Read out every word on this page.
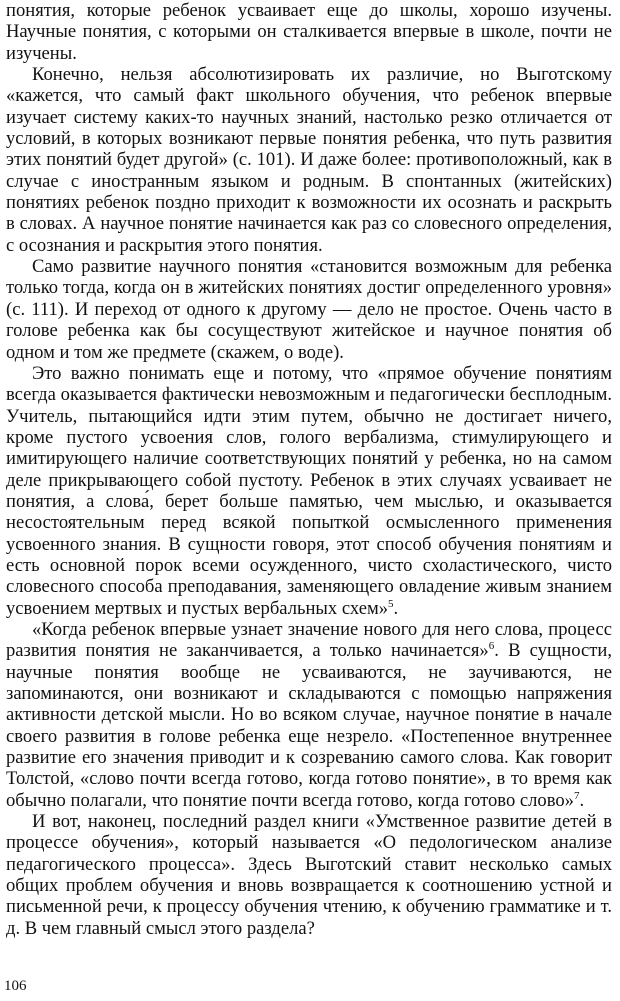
понятия, которые ребенок усваивает еще до школы, хорошо изучены. Научные понятия, с которыми он сталкивается впервые в школе, почти не изучены.

Конечно, нельзя абсолютизировать их различие, но Выготскому «кажется, что самый факт школьного обучения, что ребенок впервые изучает систему каких-то научных знаний, настолько резко отличается от условий, в которых возникают первые понятия ребенка, что путь развития этих понятий будет другой» (с. 101). И даже более: противоположный, как в случае с иностранным языком и родным. В спонтанных (житейских) понятиях ребенок поздно приходит к возможности их осознать и раскрыть в словах. А научное понятие начинается как раз со словесного определения, с осознания и раскрытия этого понятия.

Само развитие научного понятия «становится возможным для ребенка только тогда, когда он в житейских понятиях достиг определенного уровня» (с. 111). И переход от одного к другому — дело не простое. Очень часто в голове ребенка как бы сосуществуют житейское и научное понятия об одном и том же предмете (скажем, о воде).

Это важно понимать еще и потому, что «прямое обучение понятиям всегда оказывается фактически невозможным и педагогически бесплодным. Учитель, пытающийся идти этим путем, обычно не достигает ничего, кроме пустого усвоения слов, голого вербализма, стимулирующего и имитирующего наличие соответствующих понятий у ребенка, но на самом деле прикрывающего собой пустоту. Ребенок в этих случаях усваивает не понятия, а слова́, берет больше памятью, чем мыслью, и оказывается несостоятельным перед всякой попыткой осмысленного применения усвоенного знания. В сущности говоря, этот способ обучения понятиям и есть основной порок всеми осужденного, чисто схоластического, чисто словесного способа преподавания, заменяющего овладение живым знанием усвоением мертвых и пустых вербальных схем»$^5$.

«Когда ребенок впервые узнает значение нового для него слова, процесс развития понятия не заканчивается, а только начинается»$^6$. В сущности, научные понятия вообще не усваиваются, не заучиваются, не запоминаются, они возникают и складываются с помощью напряжения активности детской мысли. Но во всяком случае, научное понятие в начале своего развития в голове ребенка еще незрело. «Постепенное внутреннее развитие его значения приводит и к созреванию самого слова. Как говорит Толстой, «слово почти всегда готово, когда готово понятие», в то время как обычно полагали, что понятие почти всегда готово, когда готово слово»$^7$.

И вот, наконец, последний раздел книги «Умственное развитие детей в процессе обучения», который называется «О педологическом анализе педагогического процесса». Здесь Выготский ставит несколько самых общих проблем обучения и вновь возвращается к соотношению устной и письменной речи, к процессу обучения чтению, к обучению грамматике и т. д. В чем главный смысл этого раздела?

106
